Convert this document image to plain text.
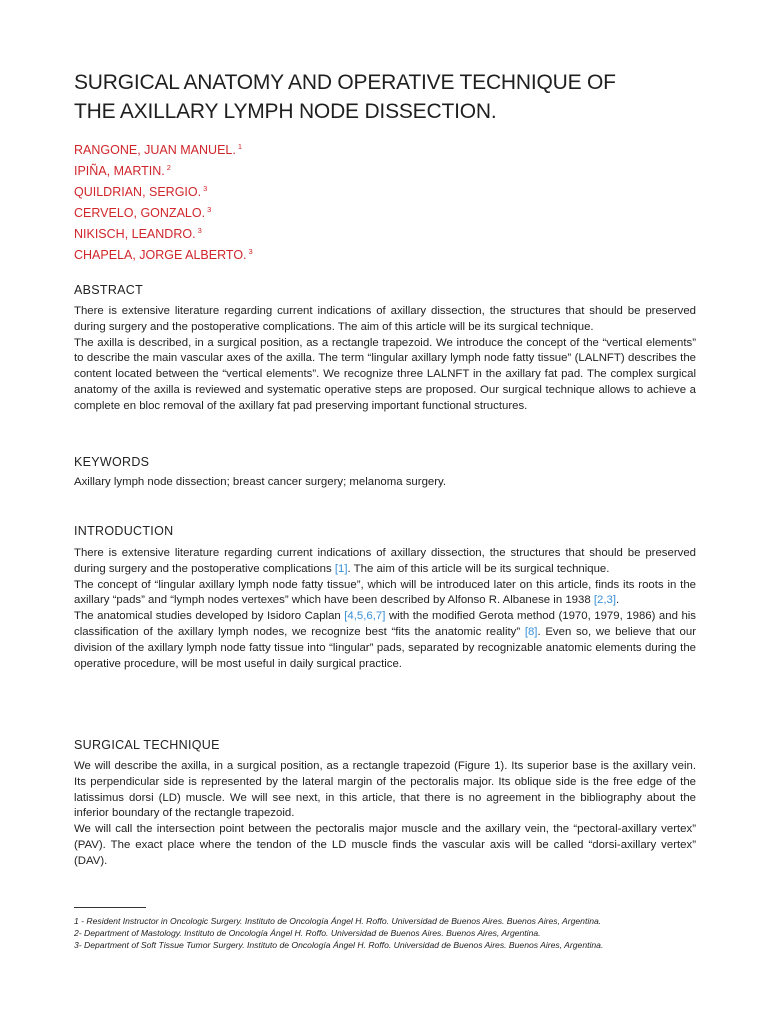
SURGICAL ANATOMY AND OPERATIVE TECHNIQUE OF
THE AXILLARY LYMPH NODE DISSECTION.
RANGONE, JUAN MANUEL. $^1$
IPIÑA, MARTIN. $^2$
QUILDRIAN, SERGIO. $^3$
CERVELO, GONZALO. $^3$
NIKISCH, LEANDRO. $^3$
CHAPELA, JORGE ALBERTO. $^3$
ABSTRACT

There is extensive literature regarding current indications of axillary dissection, the structures that should be preserved during surgery and the postoperative complications. The aim of this article will be its surgical technique.

The axilla is described, in a surgical position, as a rectangle trapezoid. We introduce the concept of the “vertical elements” to describe the main vascular axes of the axilla. The term “lingular axillary lymph node fatty tissue” (LALNFT) describes the content located between the “vertical elements”. We recognize three LALNFT in the axillary fat pad. The complex surgical anatomy of the axilla is reviewed and systematic operative steps are proposed. Our surgical technique allows to achieve a complete en bloc removal of the axillary fat pad preserving important functional structures.

KEYWORDS
Axillary lymph node dissection; breast cancer surgery; melanoma surgery.
INTRODUCTION

There is extensive literature regarding current indications of axillary dissection, the structures that should be preserved during surgery and the postoperative complications [1]. The aim of this article will be its surgical technique.

The concept of “lingular axillary lymph node fatty tissue”, which will be introduced later on this article, finds its roots in the axillary “pads” and “lymph nodes vertexes” which have been described by Alfonso R. Albanese in 1938 [2,3].

The anatomical studies developed by Isidoro Caplan [4,5,6,7] with the modified Gerota method (1970, 1979, 1986) and his classification of the axillary lymph nodes, we recognize best “fits the anatomic reality” [8]. Even so, we believe that our division of the axillary lymph node fatty tissue into “lingular” pads, separated by recognizable anatomic elements during the operative procedure, will be most useful in daily surgical practice.

SURGICAL TECHNIQUE

We will describe the axilla, in a surgical position, as a rectangle trapezoid (Figure 1). Its superior base is the axillary vein. Its perpendicular side is represented by the lateral margin of the pectoralis major. Its oblique side is the free edge of the latissimus dorsi (LD) muscle. We will see next, in this article, that there is no agreement in the bibliography about the inferior boundary of the rectangle trapezoid.

We will call the intersection point between the pectoralis major muscle and the axillary vein, the “pectoral-axillary vertex” (PAV). The exact place where the tendon of the LD muscle finds the vascular axis will be called “dorsi-axillary vertex” (DAV).

1 - Resident Instructor in Oncologic Surgery. Instituto de Oncología Ángel H. Roffo. Universidad de Buenos Aires. Buenos Aires, Argentina.
2- Department of Mastology. Instituto de Oncología Ángel H. Roffo. Universidad de Buenos Aires. Buenos Aires, Argentina.
3- Department of Soft Tissue Tumor Surgery. Instituto de Oncología Ángel H. Roffo. Universidad de Buenos Aires. Buenos Aires, Argentina.
